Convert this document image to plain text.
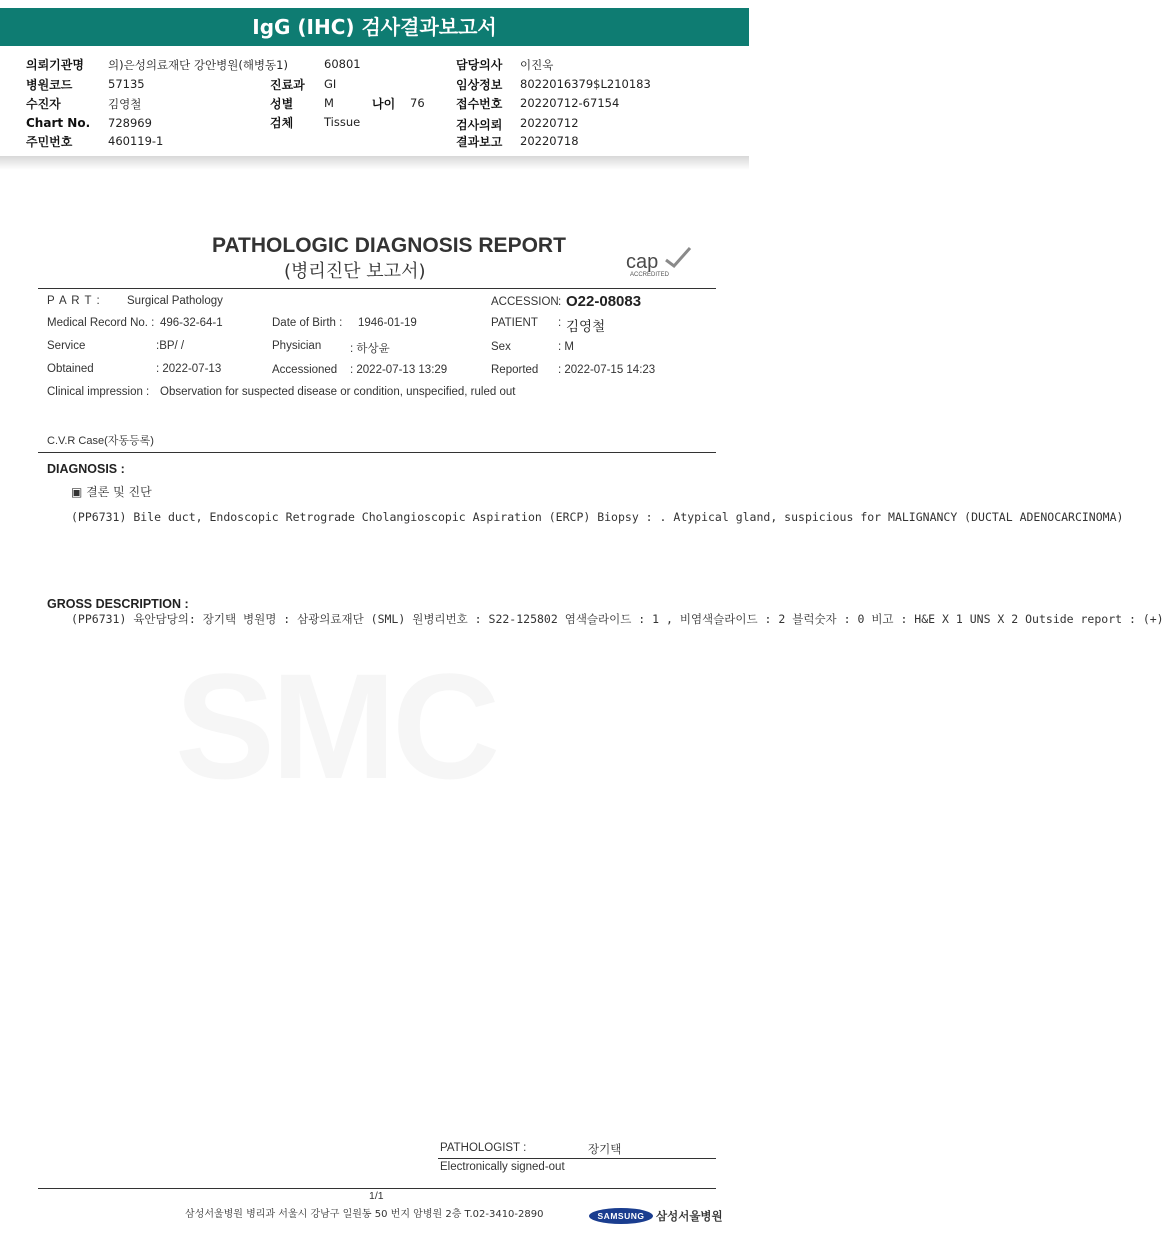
IgG (IHC) 검사결과보고서
의뢰기관명 의)은성의료재단 강안병원(해병동1)	60801	담당의사 이진욱
병원코드	57135	진료과 GI	임상정보 8022016379$L210183
수진자	김영철	성별	M	나이 76	접수번호 20220712-67154
Chart No. 728969	검체	Tissue	검사의뢰 20220712
주민번호	460119-1	결과보고 20220718
PATHOLOGIC DIAGNOSIS REPORT
(병리진단 보고서)	cap
ACCREDITED
P A R T : Surgical Pathology	ACCESSION : O22-08083
Medical Record No. : 496-32-64-1	Date of Birth : 1946-01-19	PATIENT : 김영철
Service	:BP/ /	Physician	: 하상윤	Sex	: M
Obtained	: 2022-07-13	Accessioned : 2022-07-13 13:29	Reported : 2022-07-15 14:23
Clinical impression : Observation for suspected disease or condition, unspecified, ruled out
C.V.R Case(자동등록)
DIAGNOSIS :
▣ 결론 및 진단
(PP6731) Bile duct, Endoscopic Retrograde Cholangioscopic Aspiration (ERCP) Biopsy : . Atypical gland, suspicious for MALIGNANCY (DUCTAL ADENOCARCINOMA)
GROSS DESCRIPTION :
(PP6731) 육안담당의: 장기택 병원명 : 삼광의료재단 (SML) 원병리번호 : S22-125802 염색슬라이드 : 1 , 비염색슬라이드 : 2 블럭숫자 : 0 비고 : H&E X 1 UNS X 2 Outside report : (+)
PATHOLOGIST :	장기택
Electronically signed-out
1/1
삼성서울병원 병리과 서울시 강남구 일원동 50 번지 암병원 2층 T.02-3410-2890	SAMSUNG	삼성서울병원
